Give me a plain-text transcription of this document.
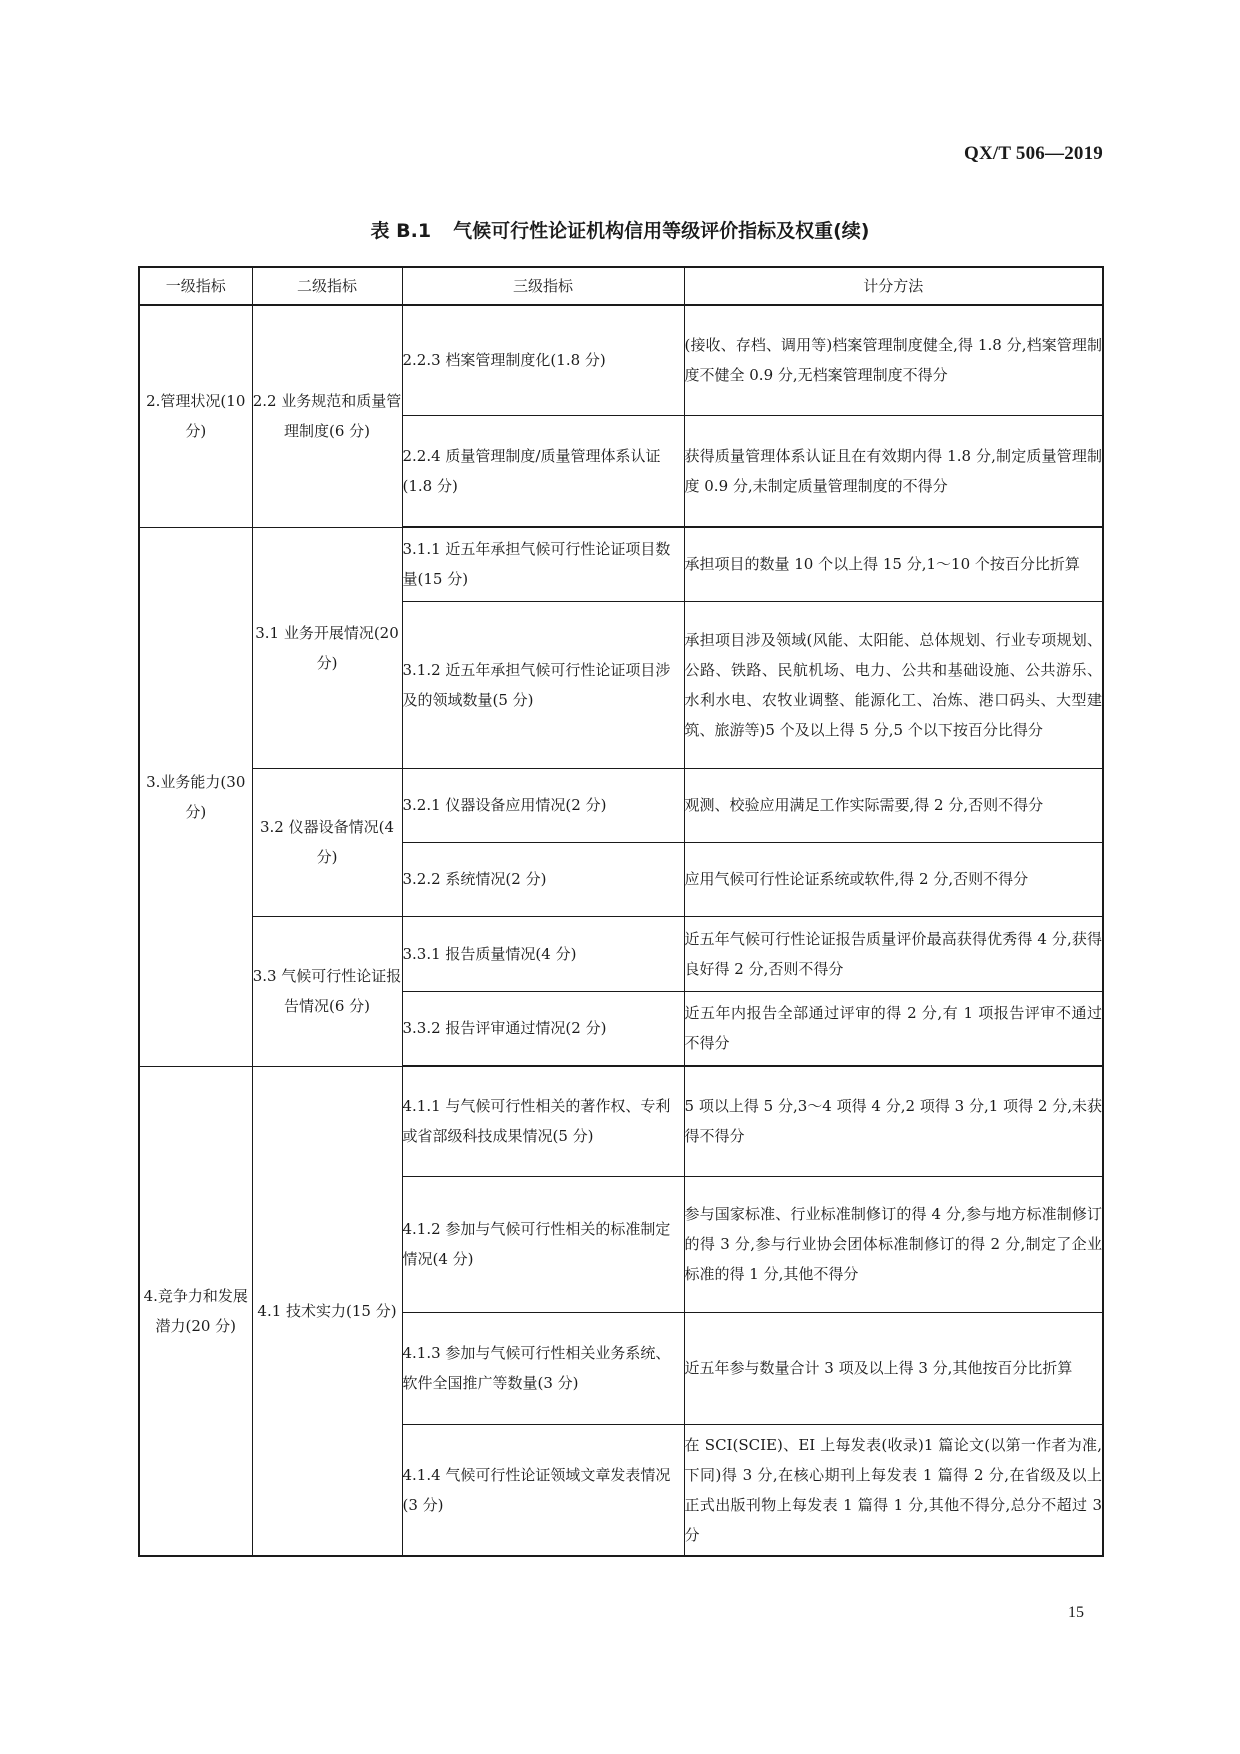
QX/T 506—2019
表 B.1 气候可行性论证机构信用等级评价指标及权重(续)
一级指标	二级指标	三级指标	计分方法
2.管理状况(10 分)	2.2 业务规范和质量管理制度(6 分)	2.2.3 档案管理制度化(1.8 分)	(接收、存档、调用等)档案管理制度健全,得 1.8 分,档案管理制度不健全 0.9 分,无档案管理制度不得分
		2.2.4 质量管理制度/质量管理体系认证(1.8 分)	获得质量管理体系认证且在有效期内得 1.8 分,制定质量管理制度 0.9 分,未制定质量管理制度的不得分
3.业务能力(30 分)	3.1 业务开展情况(20 分)	3.1.1 近五年承担气候可行性论证项目数量(15 分)	承担项目的数量 10 个以上得 15 分,1～10 个按百分比折算
		3.1.2 近五年承担气候可行性论证项目涉及的领域数量(5 分)	承担项目涉及领域(风能、太阳能、总体规划、行业专项规划、公路、铁路、民航机场、电力、公共和基础设施、公共游乐、水利水电、农牧业调整、能源化工、冶炼、港口码头、大型建筑、旅游等)5 个及以上得 5 分,5 个以下按百分比得分
	3.2 仪器设备情况(4 分)	3.2.1 仪器设备应用情况(2 分)	观测、校验应用满足工作实际需要,得 2 分,否则不得分
		3.2.2 系统情况(2 分)	应用气候可行性论证系统或软件,得 2 分,否则不得分
	3.3 气候可行性论证报告情况(6 分)	3.3.1 报告质量情况(4 分)	近五年气候可行性论证报告质量评价最高获得优秀得 4 分,获得良好得 2 分,否则不得分
		3.3.2 报告评审通过情况(2 分)	近五年内报告全部通过评审的得 2 分,有 1 项报告评审不通过不得分
4.竞争力和发展潜力(20 分)	4.1 技术实力(15 分)	4.1.1 与气候可行性相关的著作权、专利或省部级科技成果情况(5 分)	5 项以上得 5 分,3～4 项得 4 分,2 项得 3 分,1 项得 2 分,未获得不得分
		4.1.2 参加与气候可行性相关的标准制定情况(4 分)	参与国家标准、行业标准制修订的得 4 分,参与地方标准制修订的得 3 分,参与行业协会团体标准制修订的得 2 分,制定了企业标准的得 1 分,其他不得分
		4.1.3 参加与气候可行性相关业务系统、软件全国推广等数量(3 分)	近五年参与数量合计 3 项及以上得 3 分,其他按百分比折算
		4.1.4 气候可行性论证领域文章发表情况(3 分)	在 SCI(SCIE)、EI 上每发表(收录)1 篇论文(以第一作者为准,下同)得 3 分,在核心期刊上每发表 1 篇得 2 分,在省级及以上正式出版刊物上每发表 1 篇得 1 分,其他不得分,总分不超过 3 分
15
